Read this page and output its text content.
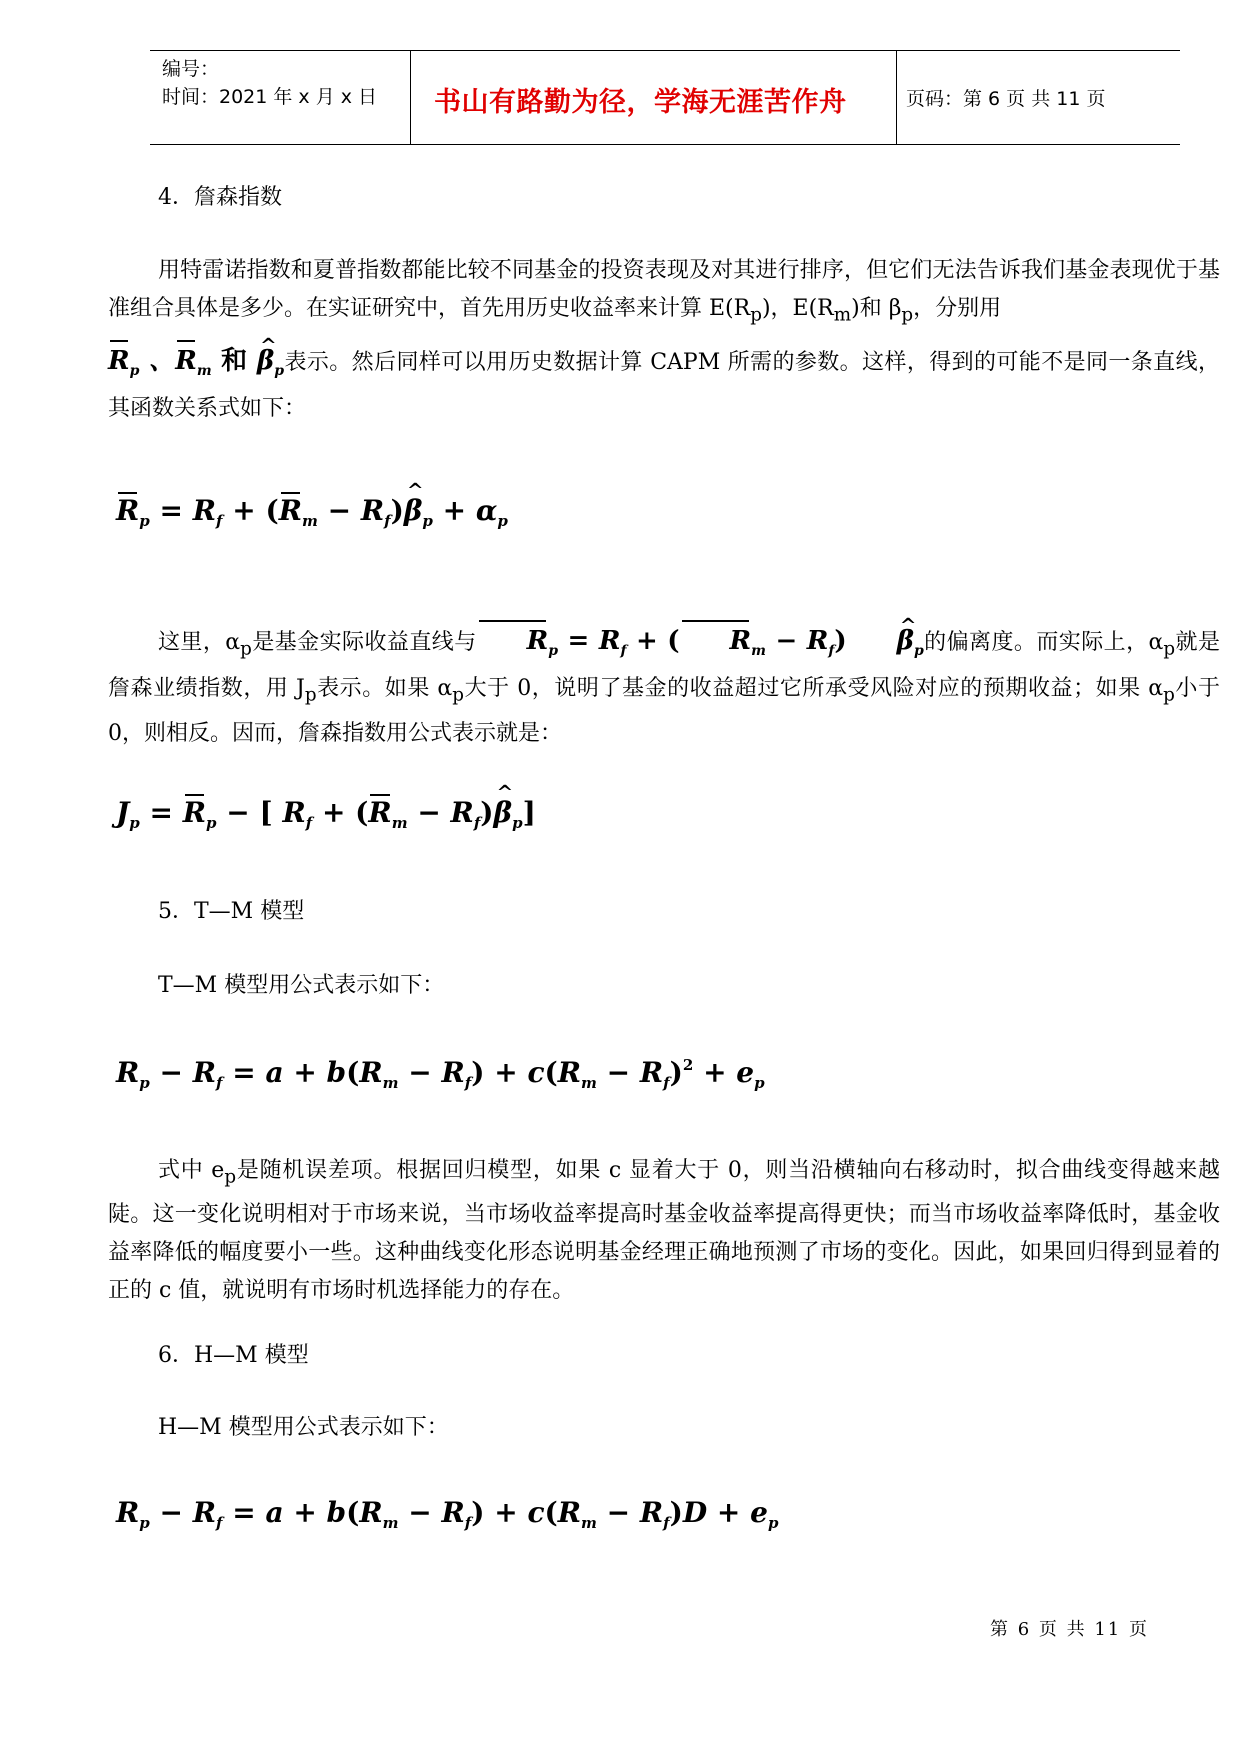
编号：
时间：2021 年 x 月 x 日 书山有路勤为径，学海无涯苦作舟	页码：第 6 页 共 11 页
4．詹森指数
用特雷诺指数和夏普指数都能比较不同基金的投资表现及对其进行排序，但它们无法告诉我们基金表现优于基准组合具体是多少。在实证研究中，首先用历史收益率来计算 $E(R_p)$，$E(R_m)$和 $\beta_p$，分别用
$R_p$ 、$R_m$ 和 ^ $\beta_p$表示。然后同样可以用历史数据计算 CAPM 所需的参数。这样，得到的可能不是同一条直线，其函数关系式如下：
$R_p = R_f + (R_m$ − $R_f)\^{}$ $\beta_p + \alpha_p$
这里，$\alpha_p$是基金实际收益直线与 $R_p = R_f$ + ( $R_m$ − $R_f)\^{}$ $\beta_p$的偏离度。而实际上，$\alpha_p$就是詹森业绩指数，用 $J_p$表示。如果 $\alpha_p$大于 0，说明了基金的收益超过它所承受风险对应的预期收益；如果 $\alpha_p$小于 0，则相反。因而，詹森指数用公式表示就是：
$J_p = R_p$ − [ $R_f + (R_m$ − $R_f)\^{}$ $\beta_p$]
5．T—M 模型
T—M 模型用公式表示如下：
$R_p - R_f = a + b(R_m - R_f) + c(R_m - R_f)^2 + e_p$
式中 $e_p$是随机误差项。根据回归模型，如果 c 显着大于 0，则当沿横轴向右移动时，拟合曲线变得越来越陡。这一变化说明相对于市场来说，当市场收益率提高时基金收益率提高得更快；而当市场收益率降低时，基金收益率降低的幅度要小一些。这种曲线变化形态说明基金经理正确地预测了市场的变化。因此，如果回归得到显着的正的 c 值，就说明有市场时机选择能力的存在。
6．H—M 模型
H—M 模型用公式表示如下：
$R_p - R_f = a + b(R_m - R_f) + c(R_m - R_f)D + e_p$
第 6 页 共 11 页
